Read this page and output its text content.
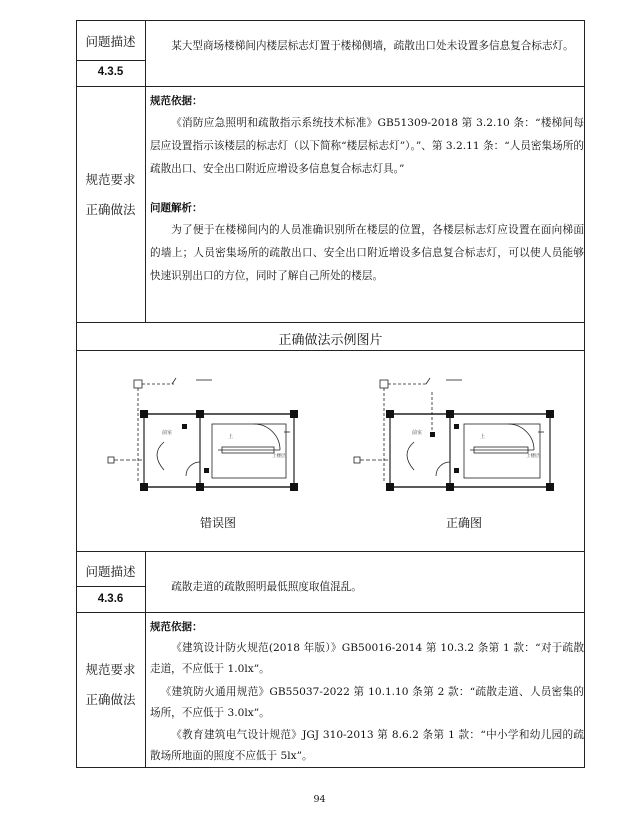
问题描述
4.3.5
某大型商场楼梯间内楼层标志灯置于楼梯侧墙，疏散出口处未设置多信息复合标志灯。
规范要求
正确做法
规范依据：
《消防应急照明和疏散指示系统技术标准》GB51309-2018 第 3.2.10 条：“楼梯间每层应设置指示该楼层的标志灯（以下简称“楼层标志灯”）。”、第 3.2.11 条：“人员密集场所的疏散出口、安全出口附近应增设多信息复合标志灯具。”
问题解析：
为了便于在楼梯间内的人员准确识别所在楼层的位置，各楼层标志灯应设置在面向梯面的墙上；人员密集场所的疏散出口、安全出口附近增设多信息复合标志灯，可以使人员能够快速识别出口的方位，同时了解自己所处的楼层。
正确做法示例图片
前室
上
上楼层
前室
上
上楼层
错误图	正确图
问题描述
4.3.6
疏散走道的疏散照明最低照度取值混乱。
规范要求
正确做法
规范依据：
《建筑设计防火规范(2018 年版）》GB50016-2014 第 10.3.2 条第 1 款：“对于疏散走道，不应低于 1.0lx”。
《建筑防火通用规范》GB55037-2022 第 10.1.10 条第 2 款：“疏散走道、人员密集的场所，不应低于 3.0lx”。
《教育建筑电气设计规范》JGJ 310-2013 第 8.6.2 条第 1 款：“中小学和幼儿园的疏散场所地面的照度不应低于 5lx”。
94
